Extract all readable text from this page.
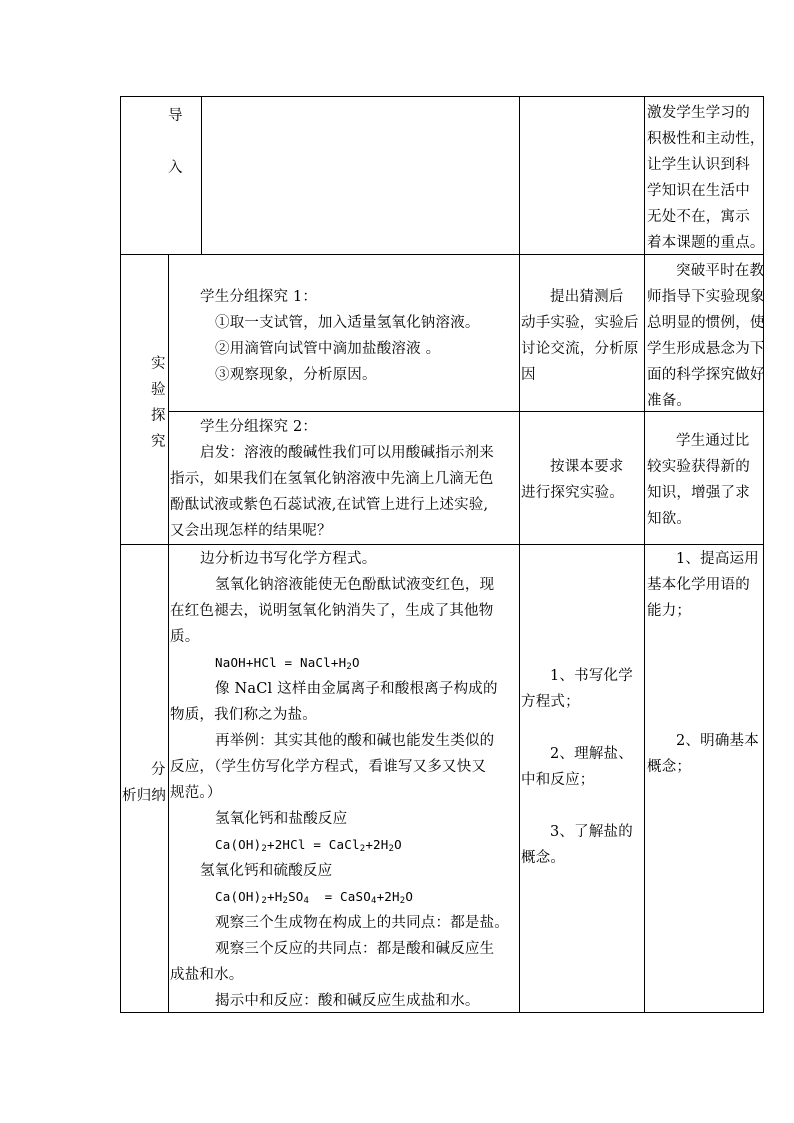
导
入
激发学生学习的
积极性和主动性，
让学生认识到科
学知识在生活中
无处不在，寓示
着本课题的重点。
实
验
探
究
学生分组探究 1：
①取一支试管，加入适量氢氧化钠溶液。
②用滴管向试管中滴加盐酸溶液 。
③观察现象，分析原因。
提出猜测后
动手实验，实验后
讨论交流，分析原
因
突破平时在教
师指导下实验现象
总明显的惯例，使
学生形成悬念为下
面的科学探究做好
准备。
学生分组探究 2：
启发：溶液的酸碱性我们可以用酸碱指示剂来
指示，如果我们在氢氧化钠溶液中先滴上几滴无色
酚酞试液或紫色石蕊试液,在试管上进行上述实验,
又会出现怎样的结果呢？
按课本要求
进行探究实验。
学生通过比
较实验获得新的
知识，增强了求
知欲。
分
析归纳
边分析边书写化学方程式。
氢氧化钠溶液能使无色酚酞试液变红色，现
在红色褪去，说明氢氧化钠消失了，生成了其他物
质。
NaOH+HCl = $NaCl+H_2O$
像 NaCl 这样由金属离子和酸根离子构成的
物质，我们称之为盐。
再举例：其实其他的酸和碱也能发生类似的
反应，（学生仿写化学方程式，看谁写又多又快又
规范。）
氢氧化钙和盐酸反应
$Ca(OH)_2+2HCl$ = $CaCl_2+2H_2O$
氢氧化钙和硫酸反应
$Ca(OH)_2+H_2SO_4$  = $CaSO_4+2H_2O$
观察三个生成物在构成上的共同点：都是盐。
观察三个反应的共同点：都是酸和碱反应生
成盐和水。
揭示中和反应：酸和碱反应生成盐和水。
1、书写化学
方程式；
2、理解盐、
中和反应；
3、了解盐的
概念。
1、提高运用
基本化学用语的
能力；
2、明确基本
概念；
